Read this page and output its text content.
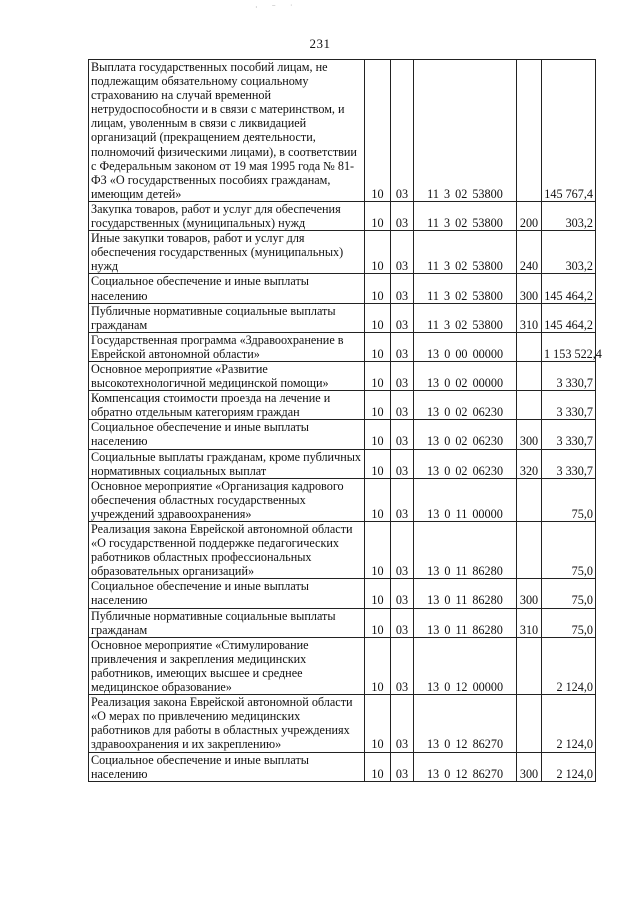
· ⁻ ˙
231
Выплата государственных пособий лицам, не подлежащим обязательному социальному страхованию на случай временной нетрудоспособности и в связи с материнством, и лицам, уволенным в связи с ликвидацией организаций (прекращением деятельности, полномочий физическими лицами), в соответствии с Федеральным законом от 19 мая 1995 года № 81-ФЗ «О государственных пособиях гражданам, имеющим детей»	10	03	11 3 02 53800		145 767,4
Закупка товаров, работ и услуг для обеспечения государственных (муниципальных) нужд	10	03	11 3 02 53800	200	303,2
Иные закупки товаров, работ и услуг для обеспечения государственных (муниципальных) нужд	10	03	11 3 02 53800	240	303,2
Социальное обеспечение и иные выплаты населению	10	03	11 3 02 53800	300	145 464,2
Публичные нормативные социальные выплаты гражданам	10	03	11 3 02 53800	310	145 464,2
Государственная программа «Здравоохранение в Еврейской автономной области»	10	03	13 0 00 00000		1 153 522,4
Основное мероприятие «Развитие высокотехнологичной медицинской помощи»	10	03	13 0 02 00000		3 330,7
Компенсация стоимости проезда на лечение и обратно отдельным категориям граждан	10	03	13 0 02 06230		3 330,7
Социальное обеспечение и иные выплаты населению	10	03	13 0 02 06230	300	3 330,7
Социальные выплаты гражданам, кроме публичных нормативных социальных выплат	10	03	13 0 02 06230	320	3 330,7
Основное мероприятие «Организация кадрового обеспечения областных государственных учреждений здравоохранения»	10	03	13 0 11 00000		75,0
Реализация закона Еврейской автономной области «О государственной поддержке педагогических работников областных профессиональных образовательных организаций»	10	03	13 0 11 86280		75,0
Социальное обеспечение и иные выплаты населению	10	03	13 0 11 86280	300	75,0
Публичные нормативные социальные выплаты гражданам	10	03	13 0 11 86280	310	75,0
Основное мероприятие «Стимулирование привлечения и закрепления медицинских работников, имеющих высшее и среднее медицинское образование»	10	03	13 0 12 00000		2 124,0
Реализация закона Еврейской автономной области «О мерах по привлечению медицинских работников для работы в областных учреждениях здравоохранения и их закреплению»	10	03	13 0 12 86270		2 124,0
Социальное обеспечение и иные выплаты населению	10	03	13 0 12 86270	300	2 124,0
